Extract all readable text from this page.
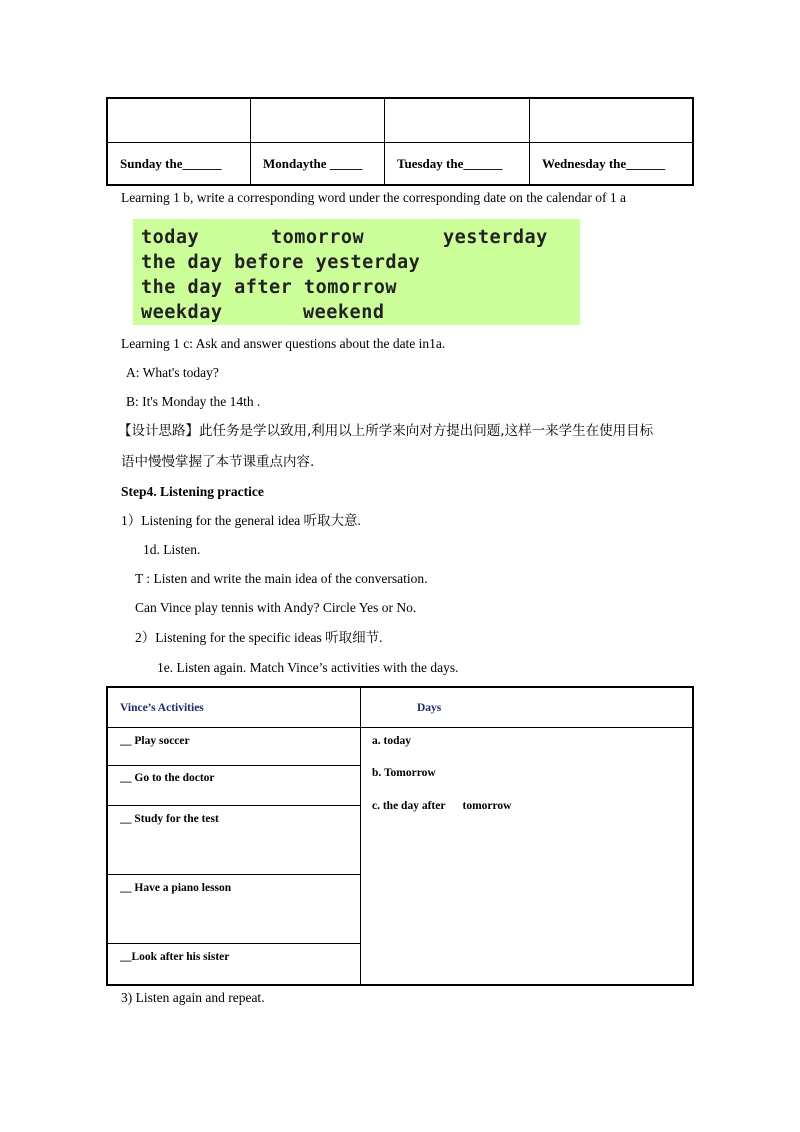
Sunday the______	Mondaythe _____	Tuesday the______	Wednesday the______
Learning 1 b, write a corresponding word under the corresponding date on the calendar of 1 a
today	tomorrow	yesterday
the day before yesterday
the day after tomorrow
weekday	weekend
Learning 1 c: Ask and answer questions about the date in1a.
A: What's today?
B: It's Monday the 14th .
【设计思路】此任务是学以致用,利用以上所学来向对方提出问题,这样一来学生在使用目标
语中慢慢掌握了本节课重点内容.
Step4. Listening practice
1）Listening for the general idea 听取大意.
1d. Listen.
T : Listen and write the main idea of the conversation.
Can Vince play tennis with Andy? Circle Yes or No.
2）Listening for the specific ideas 听取细节.
1e. Listen again. Match Vince’s activities with the days.
Vince’s Activities	Days
__ Play soccer
__ Go to the doctor
__ Study for the test
__ Have a piano lesson
__Look after his sister
a. today
b. Tomorrow
c. the day after      tomorrow
3) Listen again and repeat.
